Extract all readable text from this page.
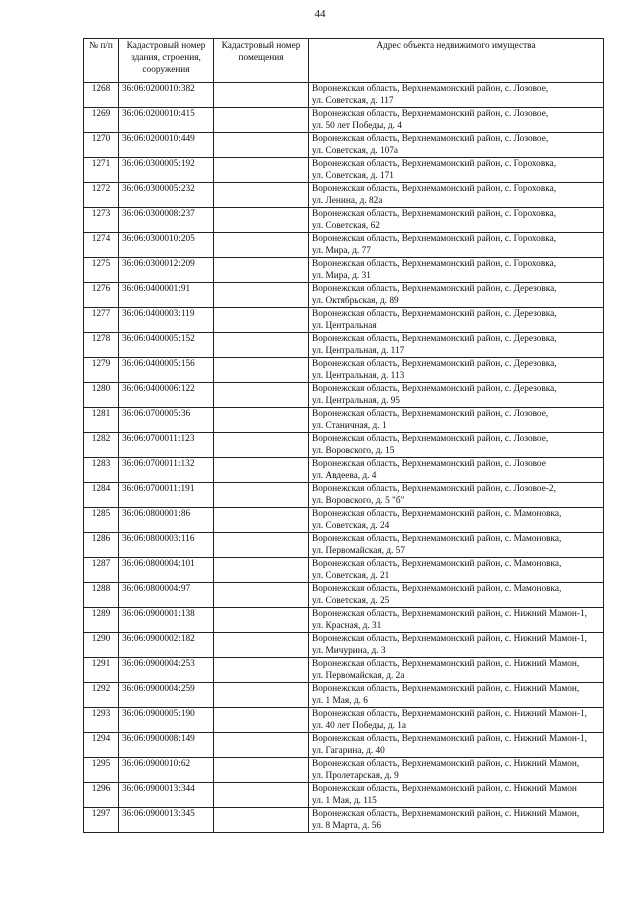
44
№ п/п	Кадастровый номер здания, строения, сооружения	Кадастровый номер помещения	Адрес объекта недвижимого имущества
1268	36:06:0200010:382		Воронежская область, Верхнемамонский район, с. Лозовое,
ул. Советская, д. 117

1269	36:06:0200010:415		Воронежская область, Верхнемамонский район, с. Лозовое,
ул. 50 лет Победы, д. 4

1270	36:06:0200010:449		Воронежская область, Верхнемамонский район, с. Лозовое,
ул. Советская, д. 107а

1271	36:06:0300005:192		Воронежская область, Верхнемамонский район, с. Гороховка,
ул. Советская, д. 171

1272	36:06:0300005:232		Воронежская область, Верхнемамонский район, с. Гороховка,
ул. Ленина, д. 82а

1273	36:06:0300008:237		Воронежская область, Верхнемамонский район, с. Гороховка,
ул. Советская, 62

1274	36:06:0300010:205		Воронежская область, Верхнемамонский район, с. Гороховка,
ул. Мира, д. 77

1275	36:06:0300012:209		Воронежская область, Верхнемамонский район, с. Гороховка,
ул. Мира, д. 31

1276	36:06:0400001:91		Воронежская область, Верхнемамонский район, с. Дерезовка,
ул. Октябрьская, д. 89

1277	36:06:0400003:119		Воронежская область, Верхнемамонский район, с. Дерезовка,
ул. Центральная

1278	36:06:0400005:152		Воронежская область, Верхнемамонский район, с. Дерезовка,
ул. Центральная, д. 117

1279	36:06:0400005:156		Воронежская область, Верхнемамонский район, с. Дерезовка,
ул. Центральная, д. 113

1280	36:06:0400006:122		Воронежская область, Верхнемамонский район, с. Дерезовка,
ул. Центральная, д. 95

1281	36:06:0700005:36		Воронежская область, Верхнемамонский район, с. Лозовое,
ул. Станичная, д. 1

1282	36:06:0700011:123		Воронежская область, Верхнемамонский район, с. Лозовое,
ул. Воровского, д. 15

1283	36:06:0700011:132		Воронежская область, Верхнемамонский район, с. Лозовое
ул. Авдеева, д. 4

1284	36:06:0700011:191		Воронежская область, Верхнемамонский район, с. Лозовое-2,
ул. Воровского, д. 5 "б"

1285	36:06:0800001:86		Воронежская область, Верхнемамонский район, с. Мамоновка,
ул. Советская, д. 24

1286	36:06:0800003:116		Воронежская область, Верхнемамонский район, с. Мамоновка,
ул. Первомайская, д. 57

1287	36:06:0800004:101		Воронежская область, Верхнемамонский район, с. Мамоновка,
ул. Советская, д. 21

1288	36:06:0800004:97		Воронежская область, Верхнемамонский район, с. Мамоновка,
ул. Советская, д. 25

1289	36:06:0900001:138		Воронежская область, Верхнемамонский район, с. Нижний Мамон-1,
ул. Красная, д. 31

1290	36:06:0900002:182		Воронежская область, Верхнемамонский район, с. Нижний Мамон-1,
ул. Мичурина, д. 3

1291	36:06:0900004:253		Воронежская область, Верхнемамонский район, с. Нижний Мамон,
ул. Первомайская, д. 2а

1292	36:06:0900004:259		Воронежская область, Верхнемамонский район, с. Нижний Мамон,
ул. 1 Мая, д. 6

1293	36:06:0900005:190		Воронежская область, Верхнемамонский район, с. Нижний Мамон-1,
ул. 40 лет Победы, д. 1а

1294	36:06:0900008:149		Воронежская область, Верхнемамонский район, с. Нижний Мамон-1,
ул. Гагарина, д. 40

1295	36:06:0900010:62		Воронежская область, Верхнемамонский район, с. Нижний Мамон,
ул. Пролетарская, д. 9

1296	36:06:0900013:344		Воронежская область, Верхнемамонский район, с. Нижний Мамон
ул. 1 Мая, д. 115

1297	36:06:0900013:345		Воронежская область, Верхнемамонский район, с. Нижний Мамон,
ул. 8 Марта, д. 56
